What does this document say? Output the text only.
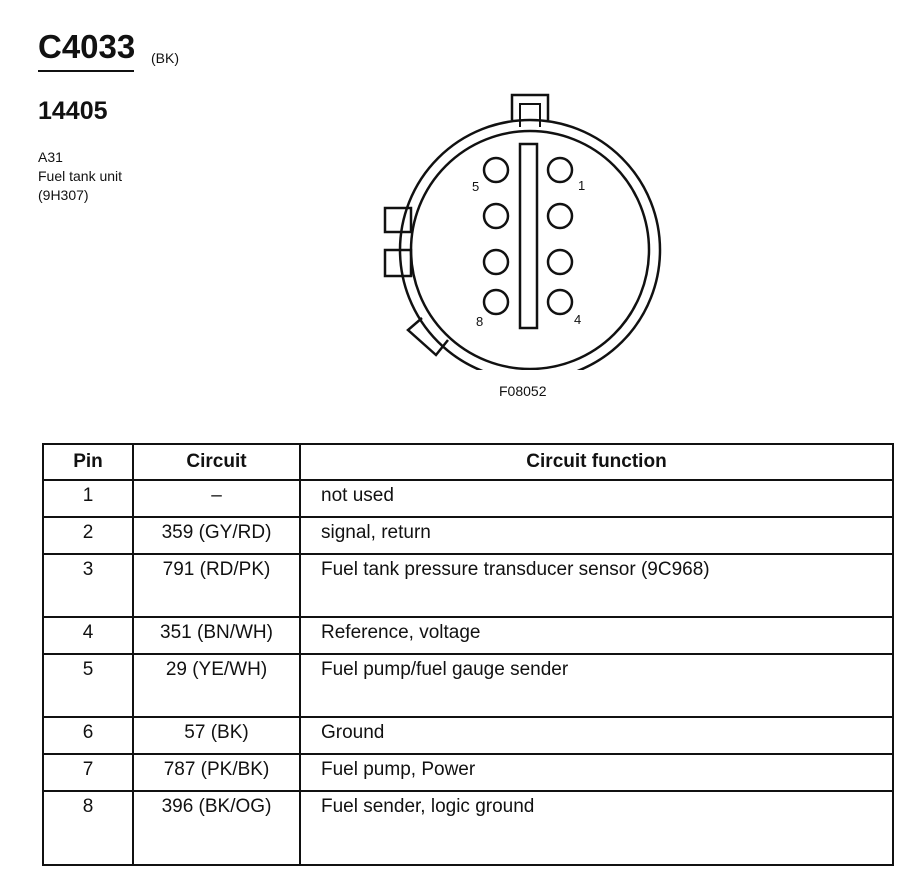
C4033 (BK)
14405
A31
Fuel tank unit
(9H307)
5	1
8	4
F08052
Pin	Circuit	Circuit function
1	–	not used
2	359 (GY/RD)	signal, return
3	791 (RD/PK)	Fuel tank pressure transducer sensor (9C968)
4	351 (BN/WH)	Reference, voltage
5	29 (YE/WH)	Fuel pump/fuel gauge sender
6	57 (BK)	Ground
7	787 (PK/BK)	Fuel pump, Power
8	396 (BK/OG)	Fuel sender, logic ground
